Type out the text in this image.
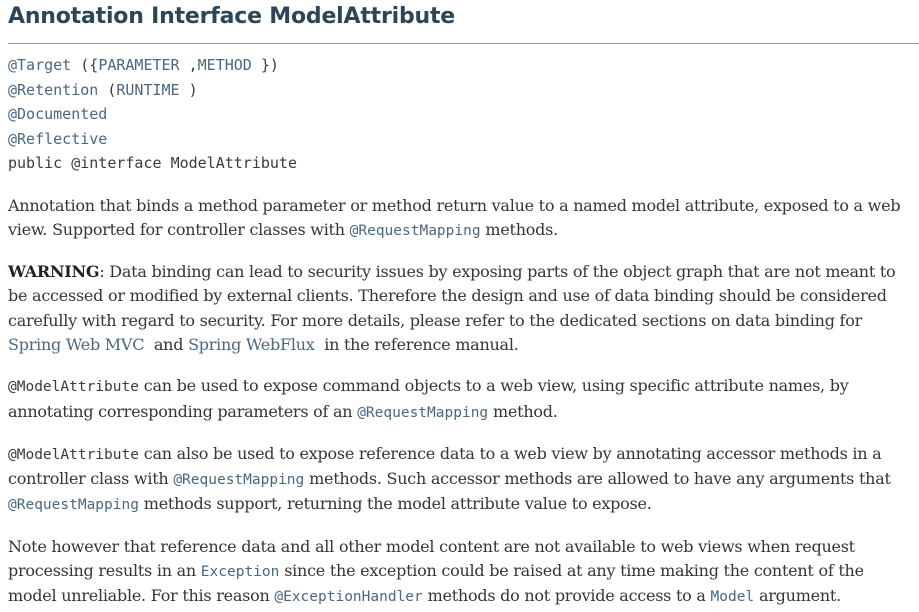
Annotation Interface ModelAttribute
@Target ({PARAMETER ,METHOD })
@Retention (RUNTIME )
@Documented
@Reflective
public @interface ModelAttribute
Annotation that binds a method parameter or method return value to a named model attribute, exposed to a web view. Supported for controller classes with @RequestMapping methods.
WARNING: Data binding can lead to security issues by exposing parts of the object graph that are not meant to be accessed or modified by external clients. Therefore the design and use of data binding should be considered carefully with regard to security. For more details, please refer to the dedicated sections on data binding for Spring Web MVC  and Spring WebFlux  in the reference manual.
@ModelAttribute can be used to expose command objects to a web view, using specific attribute names, by annotating corresponding parameters of an @RequestMapping method.
@ModelAttribute can also be used to expose reference data to a web view by annotating accessor methods in a controller class with @RequestMapping methods. Such accessor methods are allowed to have any arguments that @RequestMapping methods support, returning the model attribute value to expose.
Note however that reference data and all other model content are not available to web views when request processing results in an Exception since the exception could be raised at any time making the content of the model unreliable. For this reason @ExceptionHandler methods do not provide access to a Model argument.
